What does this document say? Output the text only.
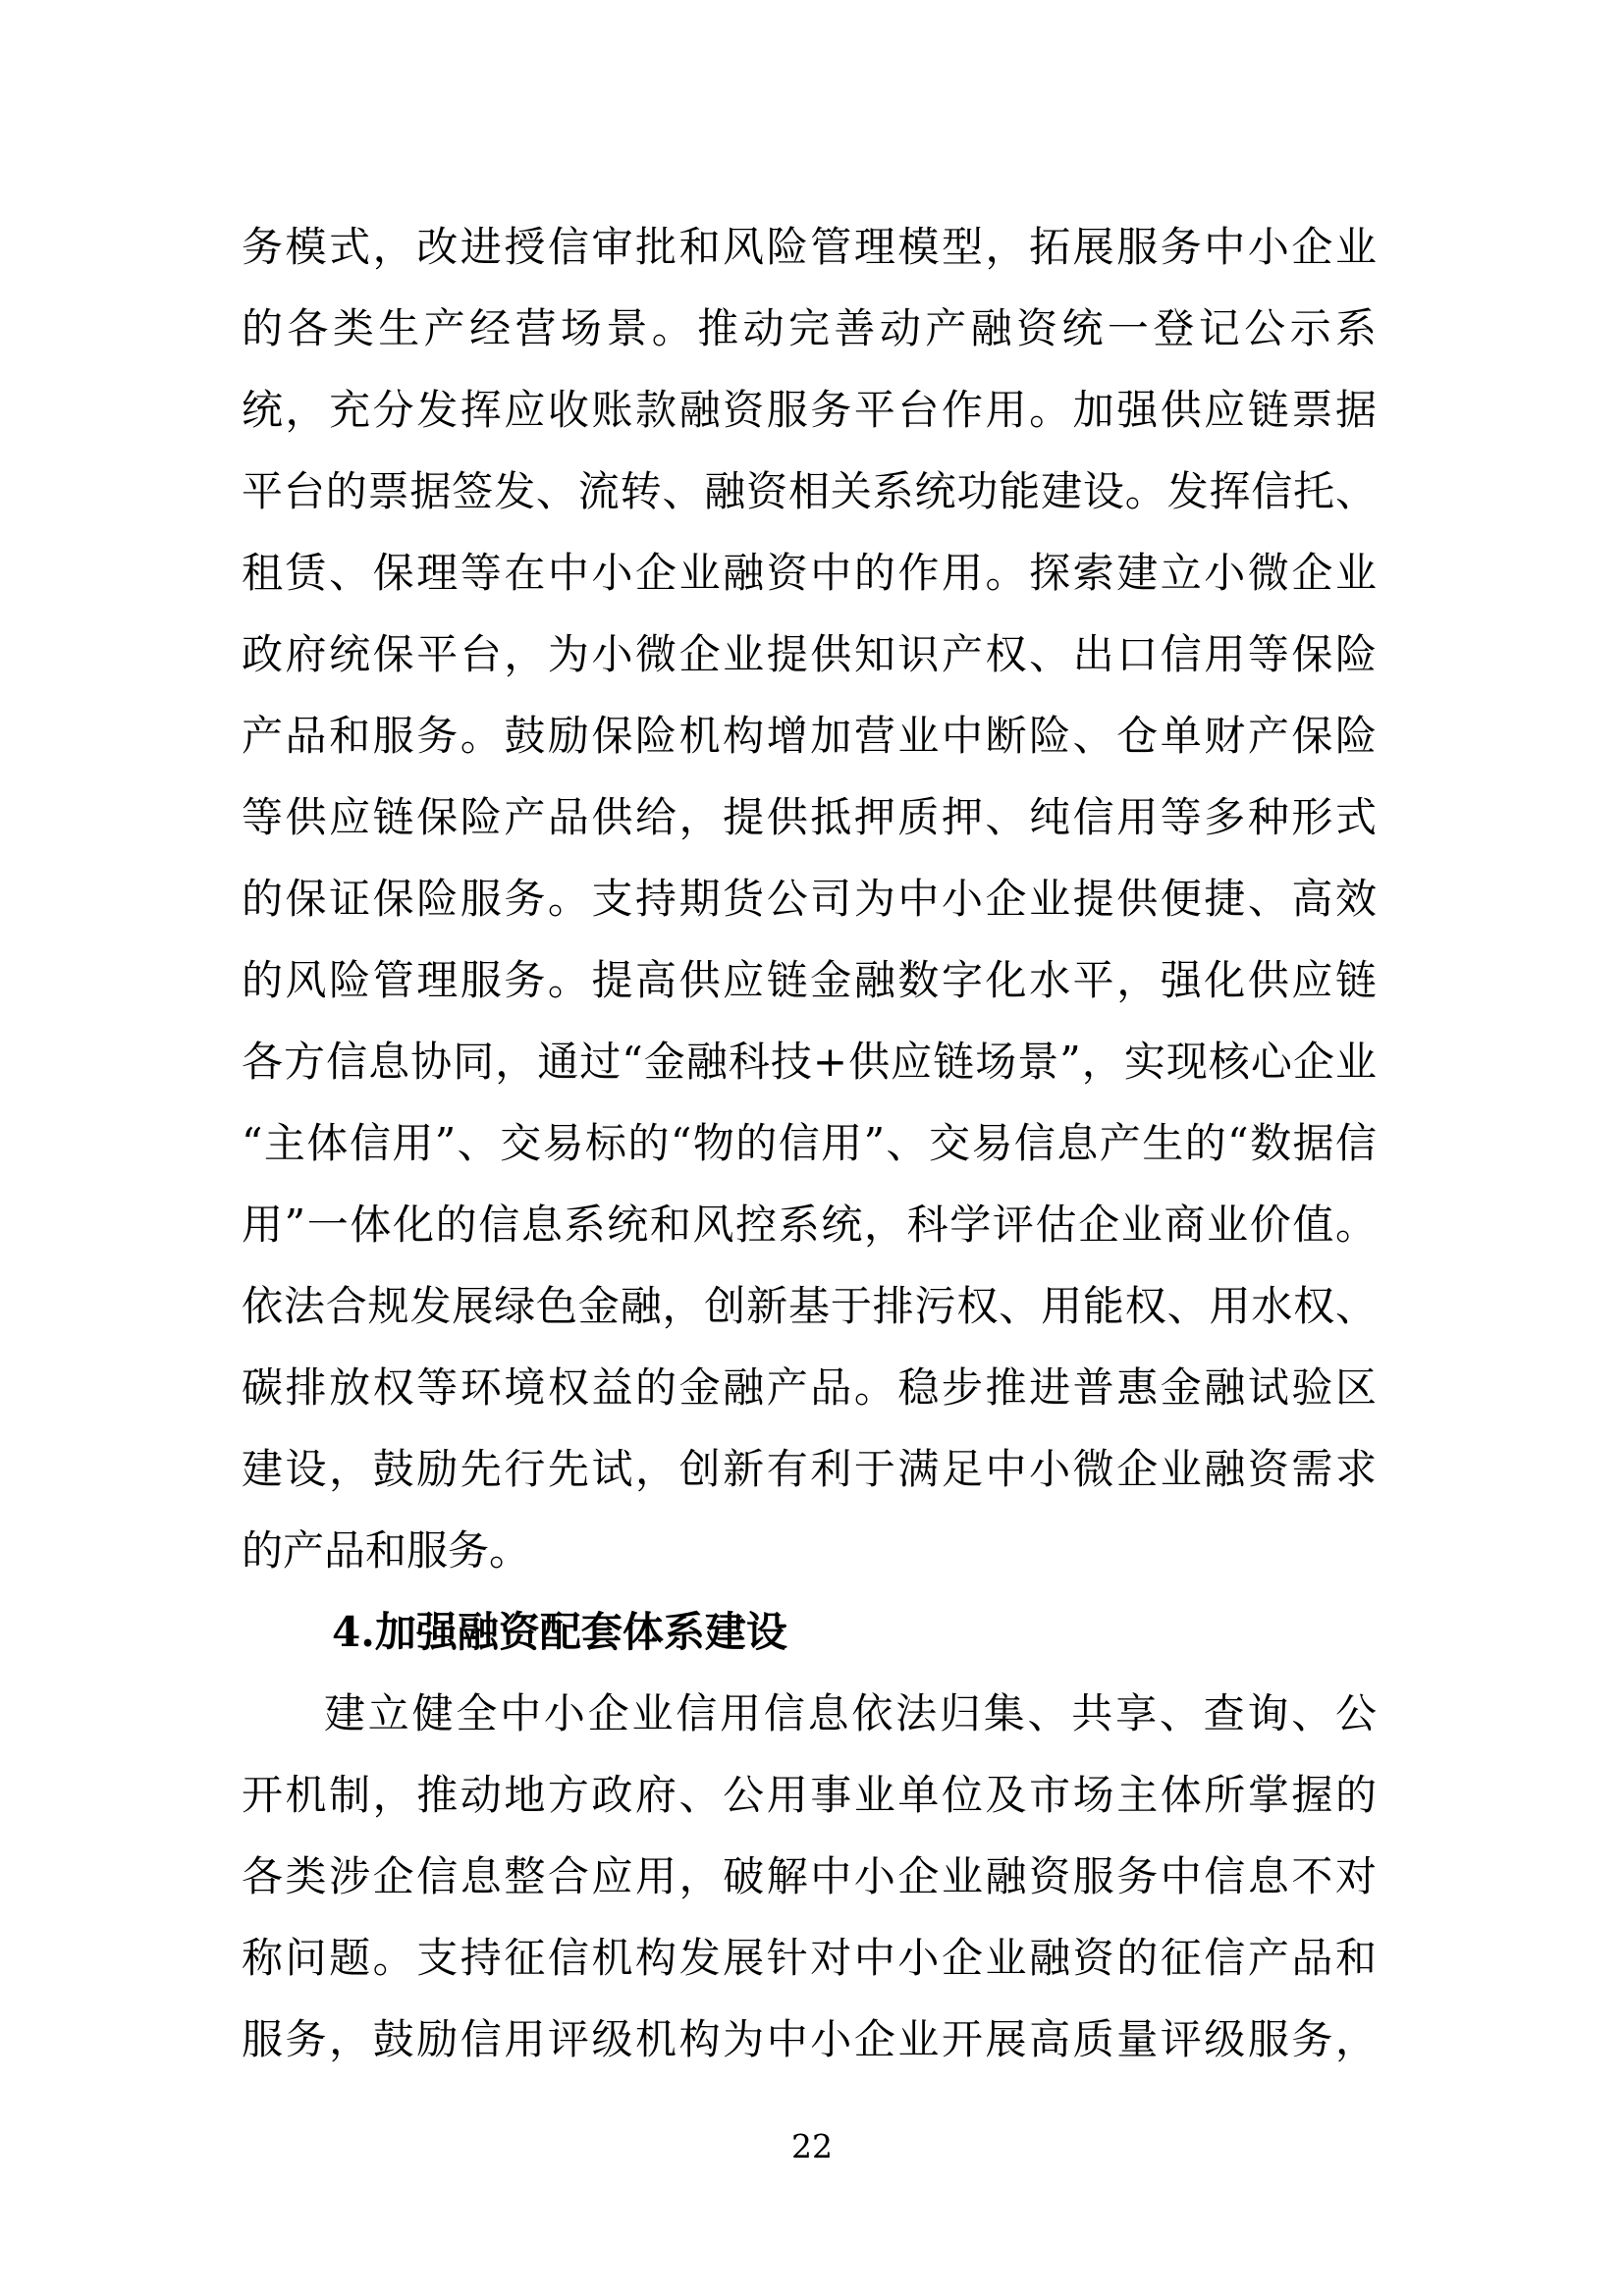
务模式，改进授信审批和风险管理模型，拓展服务中小企业
的各类生产经营场景。推动完善动产融资统一登记公示系
统，充分发挥应收账款融资服务平台作用。加强供应链票据
平台的票据签发、流转、融资相关系统功能建设。发挥信托、
租赁、保理等在中小企业融资中的作用。探索建立小微企业
政府统保平台，为小微企业提供知识产权、出口信用等保险
产品和服务。鼓励保险机构增加营业中断险、仓单财产保险
等供应链保险产品供给，提供抵押质押、纯信用等多种形式
的保证保险服务。支持期货公司为中小企业提供便捷、高效
的风险管理服务。提高供应链金融数字化水平，强化供应链
各方信息协同，通过“金融科技+供应链场景”，实现核心企业
“主体信用”、交易标的“物的信用”、交易信息产生的“数据信
用”一体化的信息系统和风控系统，科学评估企业商业价值。
依法合规发展绿色金融，创新基于排污权、用能权、用水权、
碳排放权等环境权益的金融产品。稳步推进普惠金融试验区
建设，鼓励先行先试，创新有利于满足中小微企业融资需求
的产品和服务。
4.加强融资配套体系建设
建立健全中小企业信用信息依法归集、共享、查询、公
开机制，推动地方政府、公用事业单位及市场主体所掌握的
各类涉企信息整合应用，破解中小企业融资服务中信息不对
称问题。支持征信机构发展针对中小企业融资的征信产品和
服务，鼓励信用评级机构为中小企业开展高质量评级服务，
22
